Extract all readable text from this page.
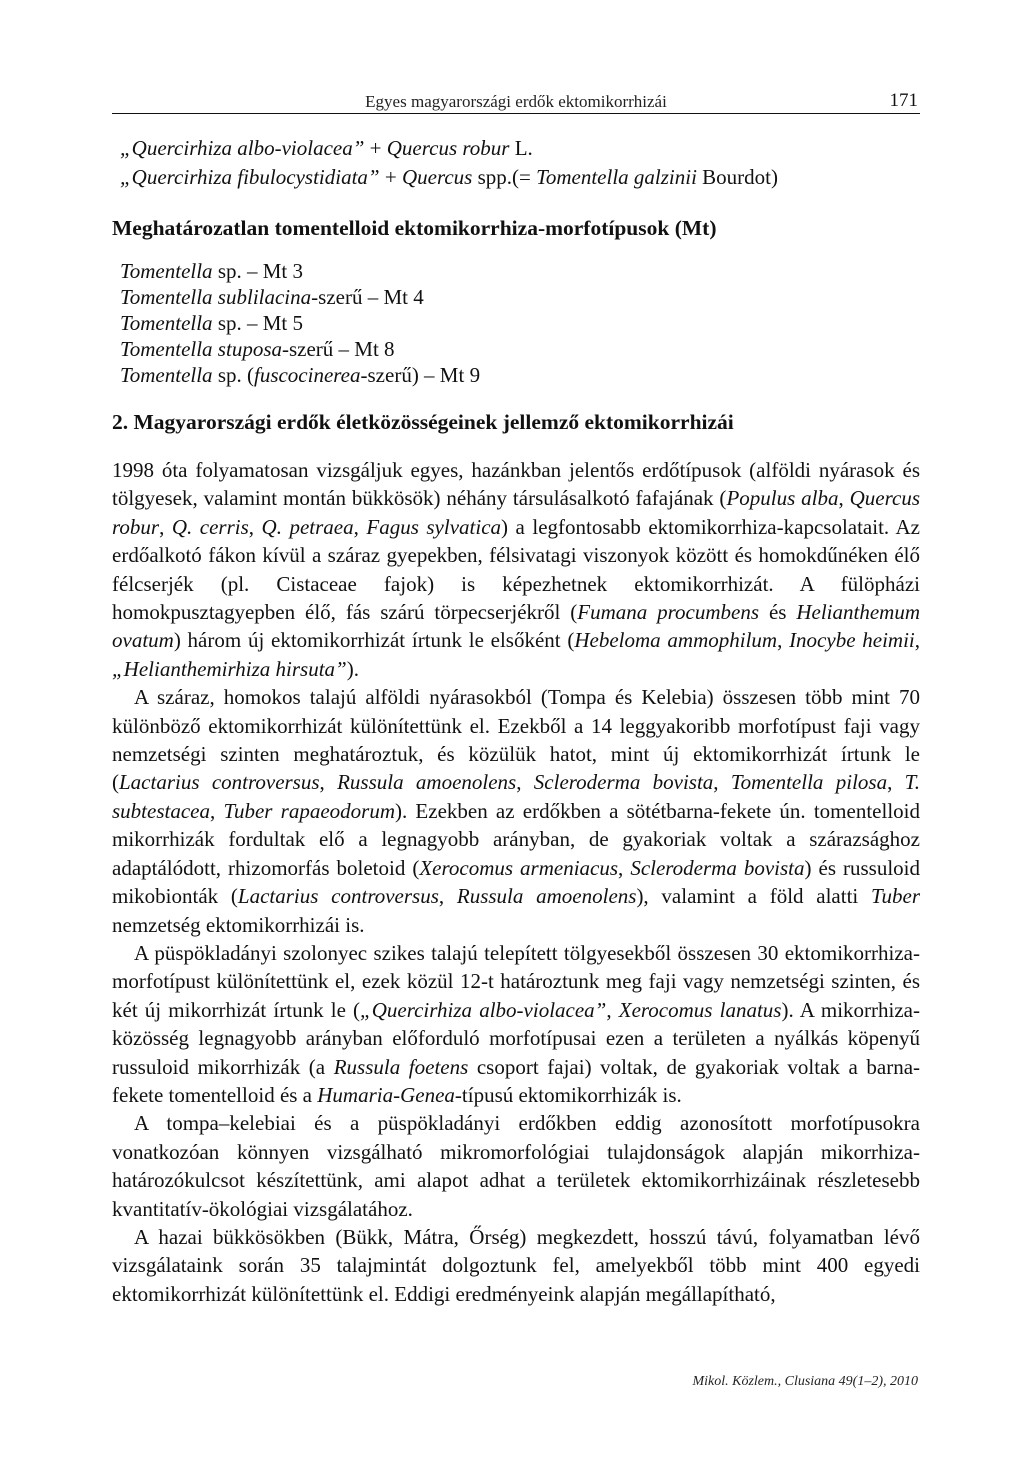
Egyes magyarországi erdők ektomikorrhizái	171
„Quercirhiza albo-violacea” + Quercus robur L.
„Quercirhiza fibulocystidiata” + Quercus spp.(= Tomentella galzinii Bourdot)
Meghatározatlan tomentelloid ektomikorrhiza-morfotípusok (Mt)
Tomentella sp. – Mt 3
Tomentella sublilacina-szerű – Mt 4
Tomentella sp. – Mt 5
Tomentella stuposa-szerű – Mt 8
Tomentella sp. (fuscocinerea-szerű) – Mt 9
2. Magyarországi erdők életközösségeinek jellemző ektomikorrhizái

1998 óta folyamatosan vizsgáljuk egyes, hazánkban jelentős erdőtípusok (alföldi nyárasok és tölgyesek, valamint montán bükkösök) néhány társulásalkotó fafajának (Populus alba, Quercus robur, Q. cerris, Q. petraea, Fagus sylvatica) a legfontosabb ektomikorrhiza-kapcsolatait. Az erdőalkotó fákon kívül a száraz gyepekben, félsivatagi viszonyok között és homokdűnéken élő félcserjék (pl. Cistaceae fajok) is képezhetnek ektomikorrhizát. A fülöpházi homokpusztagyepben élő, fás szárú törpecserjékről (Fumana procumbens és Helianthemum ovatum) három új ektomikorrhizát írtunk le elsőként (Hebeloma ammophilum, Inocybe heimii, „Helianthemirhiza hirsuta”).

A száraz, homokos talajú alföldi nyárasokból (Tompa és Kelebia) összesen több mint 70 különböző ektomikorrhizát különítettünk el. Ezekből a 14 leggyakoribb morfotípust faji vagy nemzetségi szinten meghatároztuk, és közülük hatot, mint új ektomikorrhizát írtunk le (Lactarius controversus, Russula amoenolens, Scleroderma bovista, Tomentella pilosa, T. subtestacea, Tuber rapaeodorum). Ezekben az erdőkben a sötétbarna-fekete ún. tomentelloid mikorrhizák fordultak elő a legnagyobb arányban, de gyakoriak voltak a szárazsághoz adaptálódott, rhizomorfás boletoid (Xerocomus armeniacus, Scleroderma bovista) és russuloid mikobionták (Lactarius controversus, Russula amoenolens), valamint a föld alatti Tuber nemzetség ektomikorrhizái is.

A püspökladányi szolonyec szikes talajú telepített tölgyesekből összesen 30 ektomikorrhiza-morfotípust különítettünk el, ezek közül 12-t határoztunk meg faji vagy nemzetségi szinten, és két új mikorrhizát írtunk le („Quercirhiza albo-violacea”, Xerocomus lanatus). A mikorrhiza-közösség legnagyobb arányban előforduló morfotípusai ezen a területen a nyálkás köpenyű russuloid mikorrhizák (a Russula foetens csoport fajai) voltak, de gyakoriak voltak a barna-fekete tomentelloid és a Humaria-Genea-típusú ektomikorrhizák is.

A tompa–kelebiai és a püspökladányi erdőkben eddig azonosított morfotípusokra vonatkozóan könnyen vizsgálható mikromorfológiai tulajdonságok alapján mikorrhiza-határozókulcsot készítettünk, ami alapot adhat a területek ektomikorrhizáinak részletesebb kvantitatív-ökológiai vizsgálatához.

A hazai bükkösökben (Bükk, Mátra, Őrség) megkezdett, hosszú távú, folyamatban lévő vizsgálataink során 35 talajmintát dolgoztunk fel, amelyekből több mint 400 egyedi ektomikorrhizát különítettünk el. Eddigi eredményeink alapján megállapítható,

Mikol. Közlem., Clusiana 49(1–2), 2010
